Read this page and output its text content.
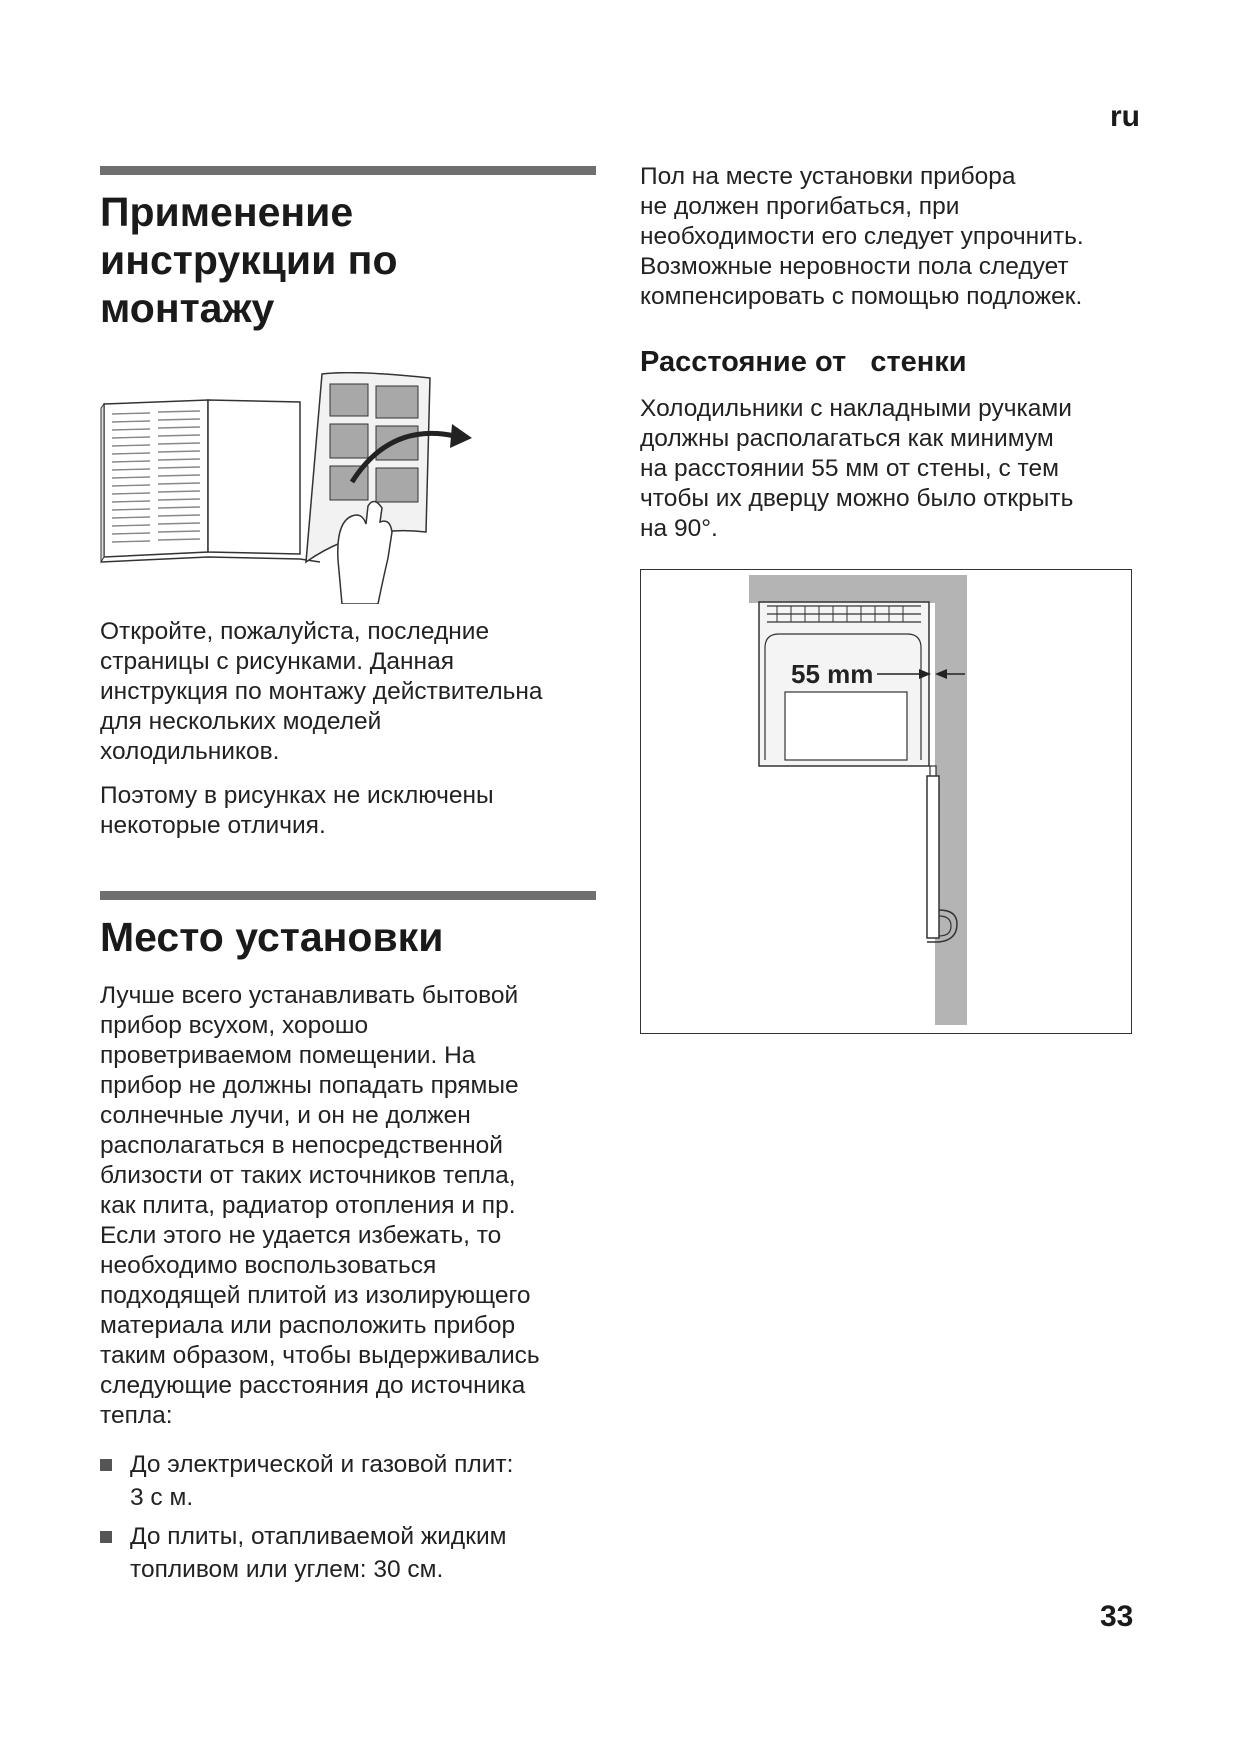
ru
33
Применение
инструкции по
монтажу

Откройте, пожалуйста, последние
страницы с рисунками. Данная
инструкция по монтажу действительна
для нескольких моделей
холодильников.

Поэтому в рисунках не исключены
некоторые отличия.

Место установки

Лучше всего устанавливать бытовой
прибор всухом, хорошо
проветриваемом помещении. На
прибор не должны попадать прямые
солнечные лучи, и он не должен
располагаться в непосредственной
близости от таких источников тепла,
как плита, радиатор отопления и пр.
Если этого не удается избежать, то
необходимо воспользоваться
подходящей плитой из изолирующего
материала или расположить прибор
таким образом, чтобы выдерживались
следующие расстояния до источника
тепла:

До электрической и газовой плит:
3 с м.
До плиты, отапливаемой жидким
топливом или углем: 30 см.

Пол на месте установки прибора
не должен прогибаться, при
необходимости его следует упрочнить.
Возможные неровности пола следует
компенсировать с помощью подложек.

Расстояние от   стенки

Холодильники с накладными ручками
должны располагаться как минимум
на расстоянии 55 мм от стены, с тем
чтобы их дверцу можно было открыть
на 90°.

55 mm
